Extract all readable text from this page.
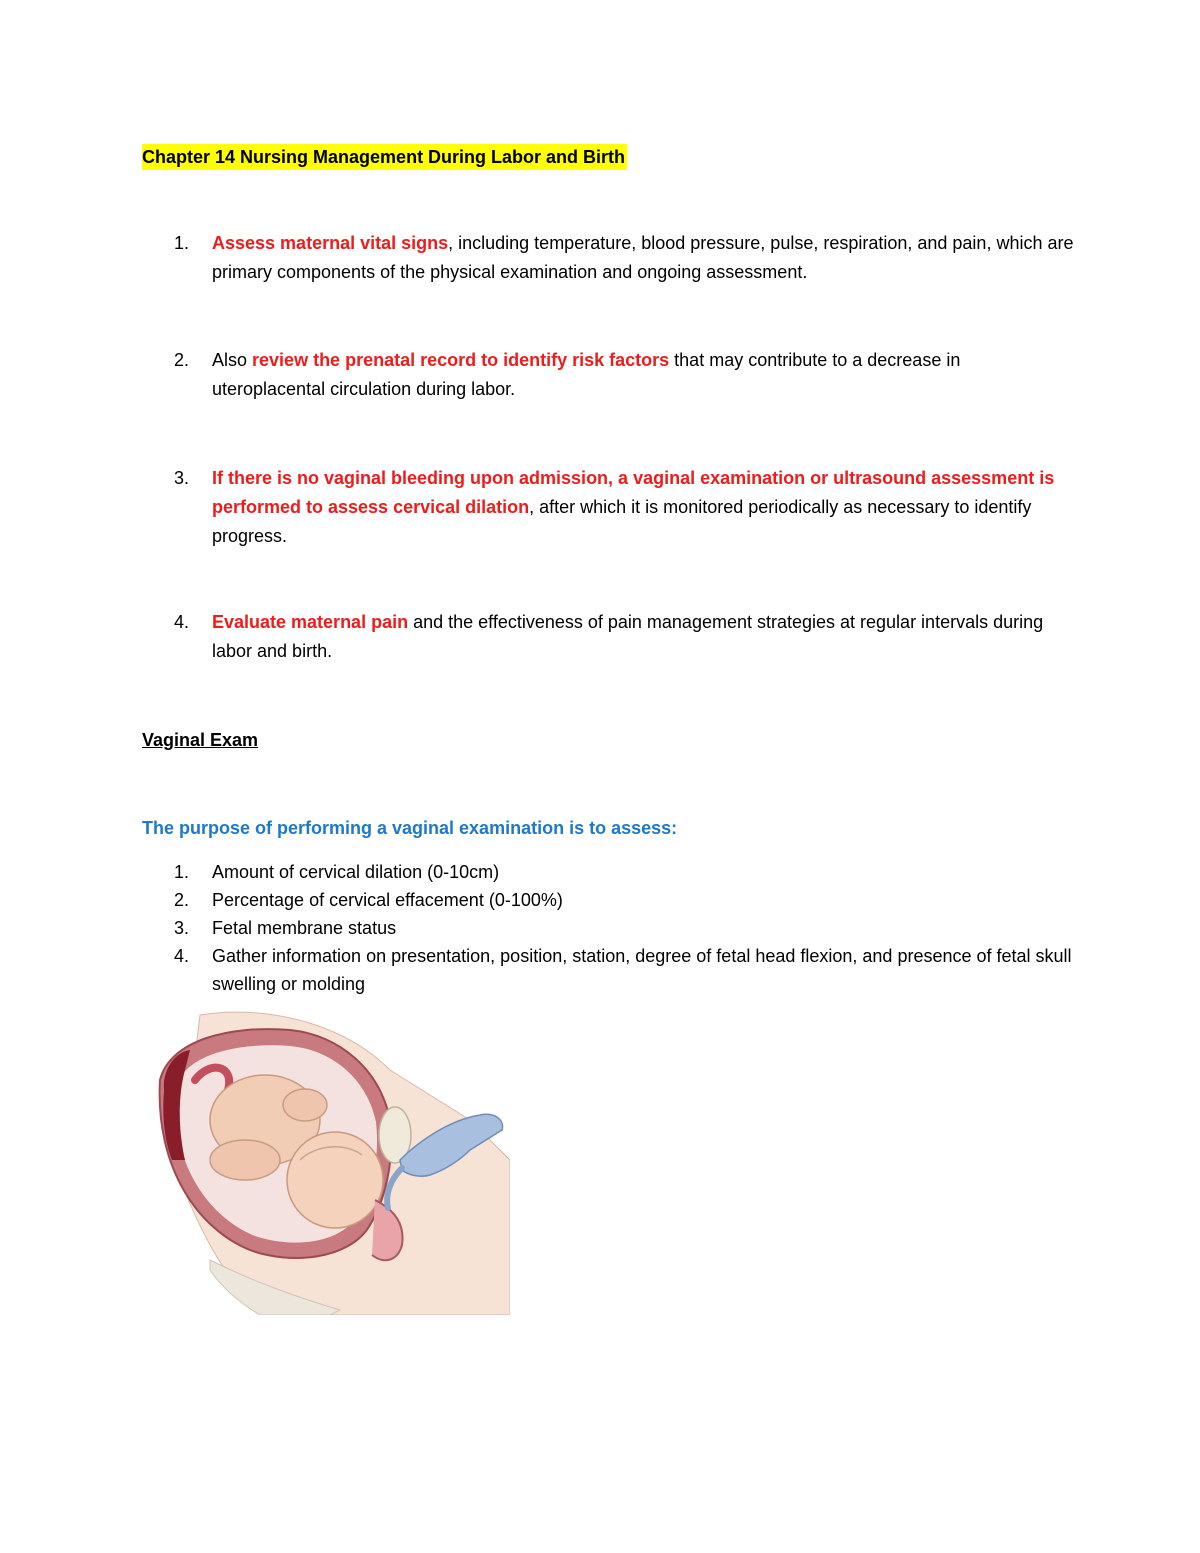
Chapter 14 Nursing Management During Labor and Birth
1.	Assess maternal vital signs, including temperature, blood pressure, pulse, respiration, and pain, which are primary components of the physical examination and ongoing assessment.
2.	Also review the prenatal record to identify risk factors that may contribute to a decrease in uteroplacental circulation during labor.
3.	If there is no vaginal bleeding upon admission, a vaginal examination or ultrasound assessment is performed to assess cervical dilation, after which it is monitored periodically as necessary to identify progress.
4.	Evaluate maternal pain and the effectiveness of pain management strategies at regular intervals during labor and birth.
Vaginal Exam
The purpose of performing a vaginal examination is to assess:
1.	Amount of cervical dilation (0-10cm)
2.	Percentage of cervical effacement (0-100%)
3.	Fetal membrane status
4.	Gather information on presentation, position, station, degree of fetal head flexion, and presence of fetal skull swelling or molding
